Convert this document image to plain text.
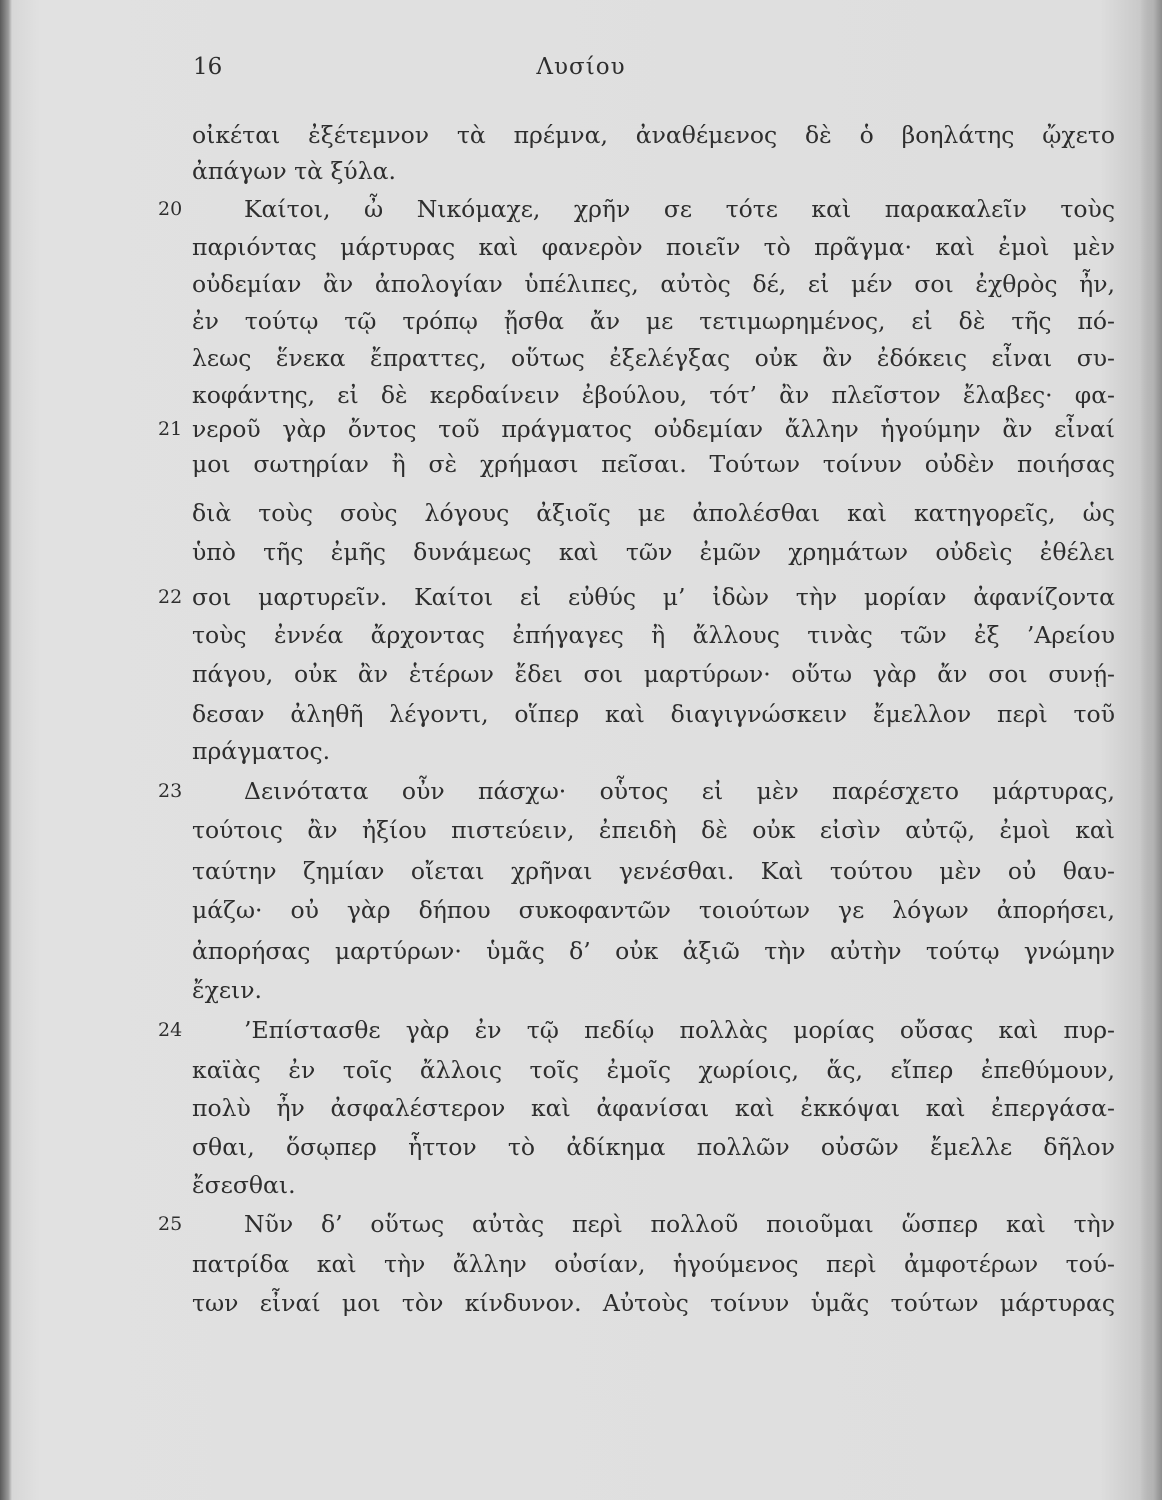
16	Λυσίου
20
21
22
23
24
25
οἰκέται ἐξέτεμνον τὰ πρέμνα, ἀναθέμενος δὲ ὁ βοηλάτης ᾤχετο
ἀπάγων τὰ ξύλα.
Καίτοι, ὦ Νικόμαχε, χρῆν σε τότε καὶ παρακαλεῖν τοὺς
παριόντας μάρτυρας καὶ φανερὸν ποιεῖν τὸ πρᾶγμα· καὶ ἐμοὶ μὲν
οὐδεμίαν ἂν ἀπολογίαν ὑπέλιπες, αὐτὸς δέ, εἰ μέν σοι ἐχθρὸς ἦν,
ἐν τούτῳ τῷ τρόπῳ ᾔσθα ἄν με τετιμωρημένος, εἰ δὲ τῆς πό-
λεως ἕνεκα ἔπραττες, οὕτως ἐξελέγξας οὐκ ἂν ἐδόκεις εἶναι συ-
κοφάντης, εἰ δὲ κερδαίνειν ἐβούλου, τότ’ ἂν πλεῖστον ἔλαβες· φα-
νεροῦ γὰρ ὄντος τοῦ πράγματος οὐδεμίαν ἄλλην ἡγούμην ἂν εἶναί
μοι σωτηρίαν ἢ σὲ χρήμασι πεῖσαι. Τούτων τοίνυν οὐδὲν ποιήσας
διὰ τοὺς σοὺς λόγους ἀξιοῖς με ἀπολέσθαι καὶ κατηγορεῖς, ὡς
ὑπὸ τῆς ἐμῆς δυνάμεως καὶ τῶν ἐμῶν χρημάτων οὐδεὶς ἐθέλει
σοι μαρτυρεῖν. Καίτοι εἰ εὐθύς μ’ ἰδὼν τὴν μορίαν ἀφανίζοντα
τοὺς ἐννέα ἄρχοντας ἐπήγαγες ἢ ἄλλους τινὰς τῶν ἐξ ’Αρείου
πάγου, οὐκ ἂν ἑτέρων ἔδει σοι μαρτύρων· οὕτω γὰρ ἄν σοι συνῄ-
δεσαν ἀληθῆ λέγοντι, οἵπερ καὶ διαγιγνώσκειν ἔμελλον περὶ τοῦ
πράγματος.
Δεινότατα οὖν πάσχω· οὗτος εἰ μὲν παρέσχετο μάρτυρας,
τούτοις ἂν ἠξίου πιστεύειν, ἐπειδὴ δὲ οὐκ εἰσὶν αὐτῷ, ἐμοὶ καὶ
ταύτην ζημίαν οἴεται χρῆναι γενέσθαι. Καὶ τούτου μὲν οὐ θαυ-
μάζω· οὐ γὰρ δήπου συκοφαντῶν τοιούτων γε λόγων ἀπορήσει,
ἀπορήσας μαρτύρων· ὑμᾶς δ’ οὐκ ἀξιῶ τὴν αὐτὴν τούτῳ γνώμην
ἔχειν.
’Επίστασθε γὰρ ἐν τῷ πεδίῳ πολλὰς μορίας οὔσας καὶ πυρ-
καϊὰς ἐν τοῖς ἄλλοις τοῖς ἐμοῖς χωρίοις, ἅς, εἴπερ ἐπεθύμουν,
πολὺ ἦν ἀσφαλέστερον καὶ ἀφανίσαι καὶ ἐκκόψαι καὶ ἐπεργάσα-
σθαι, ὅσῳπερ ἧττον τὸ ἀδίκημα πολλῶν οὐσῶν ἔμελλε δῆλον
ἔσεσθαι.
Νῦν δ’ οὕτως αὐτὰς περὶ πολλοῦ ποιοῦμαι ὥσπερ καὶ τὴν
πατρίδα καὶ τὴν ἄλλην οὐσίαν, ἡγούμενος περὶ ἀμφοτέρων τού-
των εἶναί μοι τὸν κίνδυνον. Αὐτοὺς τοίνυν ὑμᾶς τούτων μάρτυρας
